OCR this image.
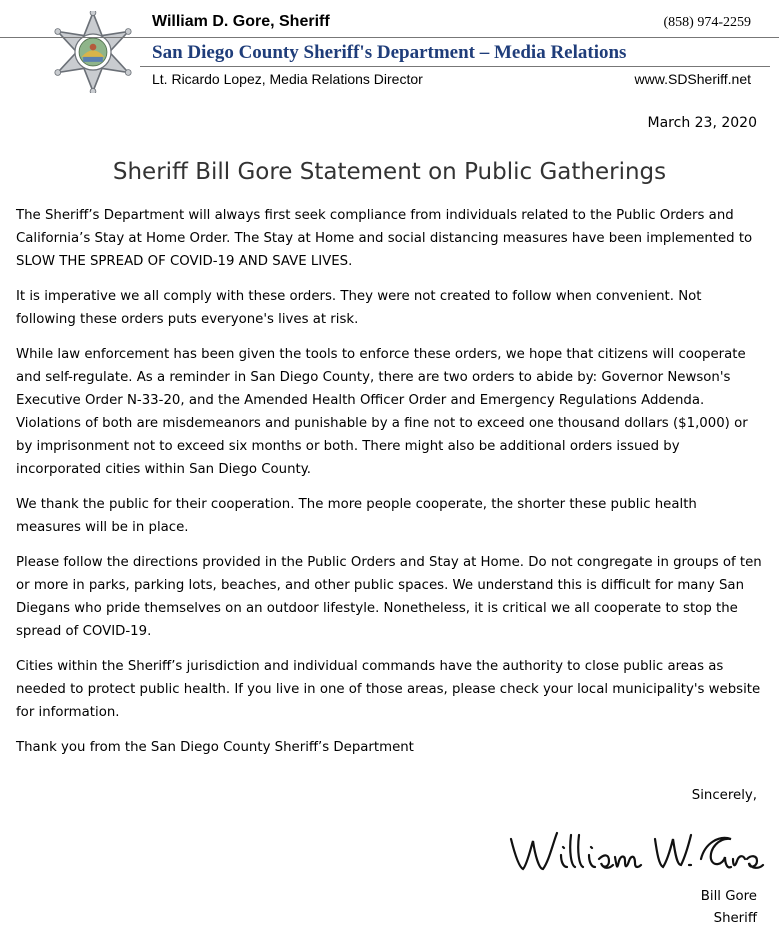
William D. Gore, Sheriff	(858) 974-2259
San Diego County Sheriff's Department – Media Relations
Lt. Ricardo Lopez, Media Relations Director	www.SDSheriff.net
March 23, 2020
Sheriff Bill Gore Statement on Public Gatherings

The Sheriff’s Department will always first seek compliance from individuals related to the Public Orders and California’s Stay at Home Order. The Stay at Home and social distancing measures have been implemented to SLOW THE SPREAD OF COVID-19 AND SAVE LIVES.

It is imperative we all comply with these orders. They were not created to follow when convenient. Not following these orders puts everyone's lives at risk.

While law enforcement has been given the tools to enforce these orders, we hope that citizens will cooperate and self-regulate. As a reminder in San Diego County, there are two orders to abide by: Governor Newson's Executive Order N-33-20, and the Amended Health Officer Order and Emergency Regulations Addenda. Violations of both are misdemeanors and punishable by a fine not to exceed one thousand dollars ($1,000) or by imprisonment not to exceed six months or both. There might also be additional orders issued by incorporated cities within San Diego County.

We thank the public for their cooperation. The more people cooperate, the shorter these public health measures will be in place.

Please follow the directions provided in the Public Orders and Stay at Home. Do not congregate in groups of ten or more in parks, parking lots, beaches, and other public spaces. We understand this is difficult for many San Diegans who pride themselves on an outdoor lifestyle. Nonetheless, it is critical we all cooperate to stop the spread of COVID-19.

Cities within the Sheriff’s jurisdiction and individual commands have the authority to close public areas as needed to protect public health. If you live in one of those areas, please check your local municipality's website for information.

Thank you from the San Diego County Sheriff’s Department

Sincerely,
Bill Gore
Sheriff
